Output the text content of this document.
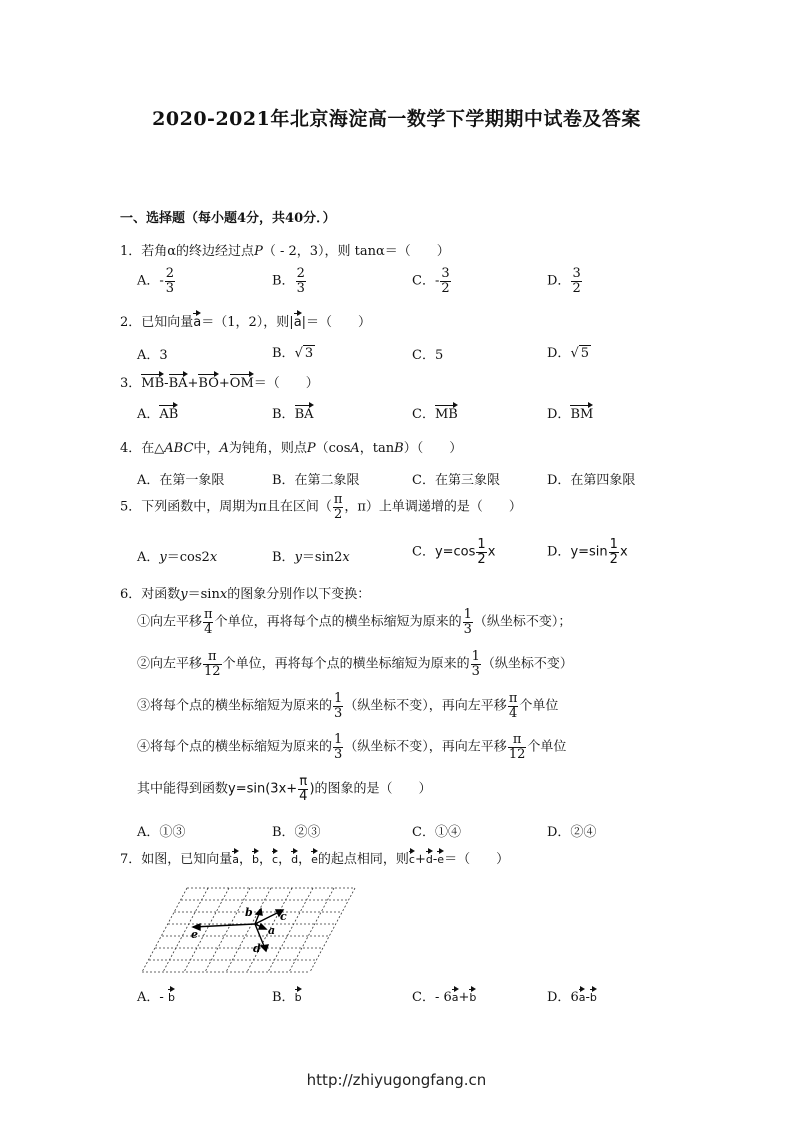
2020-2021年北京海淀高一数学下学期期中试卷及答案
一、选择题（每小题4分，共40分．）
1．若角α的终边经过点P（ - 2，3），则 tanα＝（　　）
A．- $\frac{2}{3}$	B． $\frac{2}{3}$	C．- $\frac{3}{2}$	D． $\frac{3}{2}$
2．已知向量a＝（1，2），则|a|＝（　　）
A．3	B．√ 3	C．5	D．√ 5
3．MB-BA+BO+OM＝（　　）
A．AB	B．BA	C．MB	D．BM
4．在△ABC中，A为钝角，则点P（cosA，tanB）（　　）
A．在第一象限	B．在第二象限	C．在第三象限	D．在第四象限
5．下列函数中，周期为π且在区间（ $\frac{\pi}{2}$ ，π）上单调递增的是（　　）
A．y＝cos2x	B．y＝sin2x	C．$y=\cos \frac{1}{2}$ x	D．$y=\sin \frac{1}{2}$ x
6．对函数y＝sinx的图象分别作以下变换：
①向左平移 $\frac{\pi}{4}$ 个单位，再将每个点的横坐标缩短为原来的 $\frac{1}{3}$ （纵坐标不变）；
②向左平移 $\frac{\pi}{12}$ 个单位，再将每个点的横坐标缩短为原来的 $\frac{1}{3}$ （纵坐标不变）
③将每个点的横坐标缩短为原来的 $\frac{1}{3}$ （纵坐标不变），再向左平移 $\frac{\pi}{4}$ 个单位
④将每个点的横坐标缩短为原来的 $\frac{1}{3}$ （纵坐标不变），再向左平移 $\frac{\pi}{12}$ 个单位
其中能得到函数$y=\sin(3x+ \frac{\pi}{4}$ )的图象的是（　　）
A．①③	B．②③	C．①④	D．②④
7．如图，已知向量a，b，c，d，e的起点相同，则c+d-e＝（　　）
b c
a
d
e
A．- b	B．b	C．- 6a+b	D．6a-b
http://zhiyugongfang.cn
